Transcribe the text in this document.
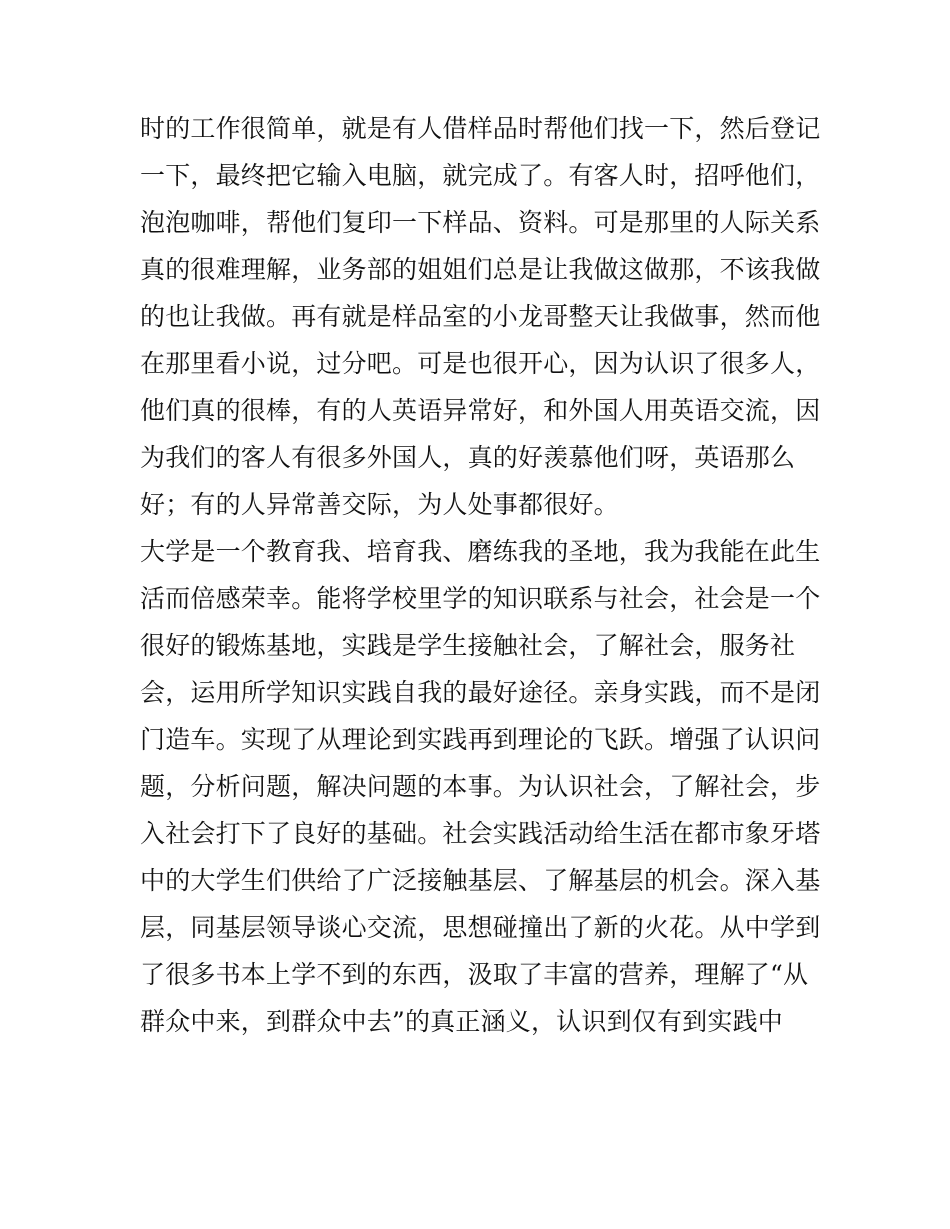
时的工作很简单，就是有人借样品时帮他们找一下，然后登记
一下，最终把它输入电脑，就完成了。有客人时，招呼他们，
泡泡咖啡，帮他们复印一下样品、资料。可是那里的人际关系
真的很难理解，业务部的姐姐们总是让我做这做那，不该我做
的也让我做。再有就是样品室的小龙哥整天让我做事，然而他
在那里看小说，过分吧。可是也很开心，因为认识了很多人，
他们真的很棒，有的人英语异常好，和外国人用英语交流，因
为我们的客人有很多外国人，真的好羡慕他们呀，英语那么
好；有的人异常善交际，为人处事都很好。
大学是一个教育我、培育我、磨练我的圣地，我为我能在此生
活而倍感荣幸。能将学校里学的知识联系与社会，社会是一个
很好的锻炼基地，实践是学生接触社会，了解社会，服务社
会，运用所学知识实践自我的最好途径。亲身实践，而不是闭
门造车。实现了从理论到实践再到理论的飞跃。增强了认识问
题，分析问题，解决问题的本事。为认识社会，了解社会，步
入社会打下了良好的基础。社会实践活动给生活在都市象牙塔
中的大学生们供给了广泛接触基层、了解基层的机会。深入基
层，同基层领导谈心交流，思想碰撞出了新的火花。从中学到
了很多书本上学不到的东西，汲取了丰富的营养，理解了“从
群众中来，到群众中去”的真正涵义，认识到仅有到实践中
